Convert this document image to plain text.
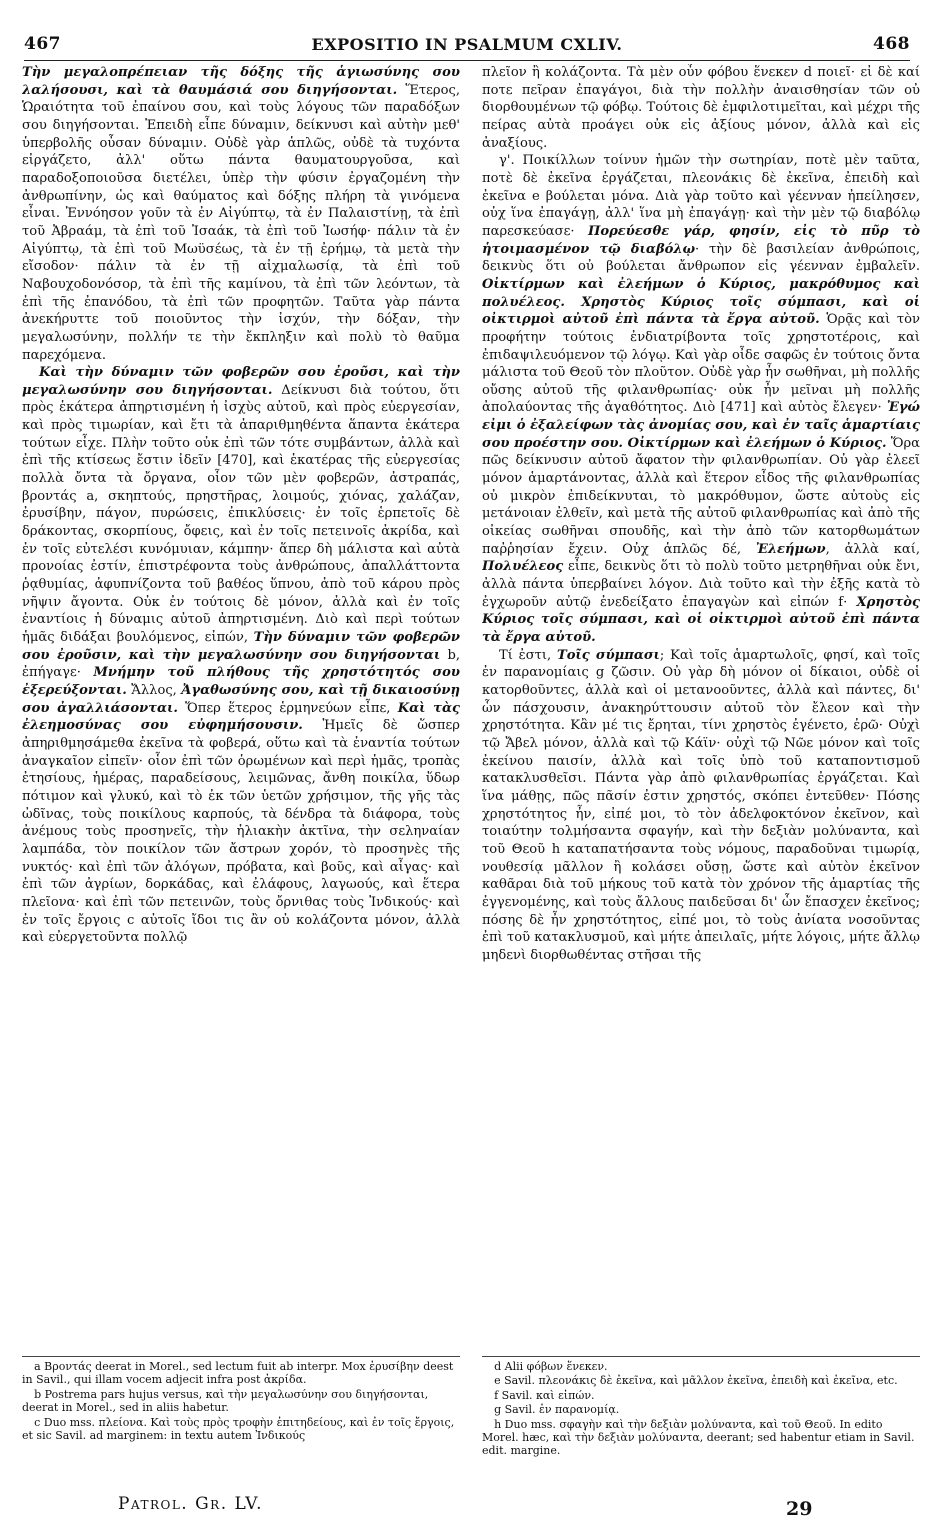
467	EXPOSITIO IN PSALMUM CXLIV.	468

Τὴν μεγαλοπρέπειαν τῆς δόξης τῆς ἁγιωσύνης σου λαλήσουσι, καὶ τὰ θαυμάσιά σου διηγήσονται. Ἕτερος, Ὡραιότητα τοῦ ἐπαίνου σου, καὶ τοὺς λόγους τῶν παραδόξων σου διηγήσονται. Ἐπειδὴ εἶπε δύναμιν, δείκνυσι καὶ αὐτὴν μεθ' ὑπερβολῆς οὖσαν δύναμιν. Οὐδὲ γὰρ ἁπλῶς, οὐδὲ τὰ τυχόντα εἰργάζετο, ἀλλ' οὕτω πάντα θαυματουργοῦσα, καὶ παραδοξοποιοῦσα διετέλει, ὑπὲρ τὴν φύσιν ἐργαζομένη τὴν ἀνθρωπίνην, ὡς καὶ θαύματος καὶ δόξης πλήρη τὰ γινόμενα εἶναι. Ἐννόησον γοῦν τὰ ἐν Αἰγύπτῳ, τὰ ἐν Παλαιστίνῃ, τὰ ἐπὶ τοῦ Ἀβραάμ, τὰ ἐπὶ τοῦ Ἰσαάκ, τὰ ἐπὶ τοῦ Ἰωσήφ· πάλιν τὰ ἐν Αἰγύπτῳ, τὰ ἐπὶ τοῦ Μωϋσέως, τὰ ἐν τῇ ἐρήμῳ, τὰ μετὰ τὴν εἴσοδον· πάλιν τὰ ἐν τῇ αἰχμαλωσίᾳ, τὰ ἐπὶ τοῦ Ναβουχοδονόσορ, τὰ ἐπὶ τῆς καμίνου, τὰ ἐπὶ τῶν λεόντων, τὰ ἐπὶ τῆς ἐπανόδου, τὰ ἐπὶ τῶν προφητῶν. Ταῦτα γὰρ πάντα ἀνεκήρυττε τοῦ ποιοῦντος τὴν ἰσχύν, τὴν δόξαν, τὴν μεγαλωσύνην, πολλήν τε τὴν ἔκπληξιν καὶ πολὺ τὸ θαῦμα παρεχόμενα.

Καὶ τὴν δύναμιν τῶν φοβερῶν σου ἐροῦσι, καὶ τὴν μεγαλωσύνην σου διηγήσονται. Δείκνυσι διὰ τούτου, ὅτι πρὸς ἑκάτερα ἀπηρτισμένη ἡ ἰσχὺς αὐτοῦ, καὶ πρὸς εὐεργεσίαν, καὶ πρὸς τιμωρίαν, καὶ ἔτι τὰ ἀπαριθμηθέντα ἅπαντα ἑκάτερα τούτων εἶχε. Πλὴν τοῦτο οὐκ ἐπὶ τῶν τότε συμβάντων, ἀλλὰ καὶ ἐπὶ τῆς κτίσεως ἔστιν ἰδεῖν [470], καὶ ἑκατέρας τῆς εὐεργεσίας πολλὰ ὄντα τὰ ὄργανα, οἷον τῶν μὲν φοβερῶν, ἀστραπάς, βροντάς a, σκηπτούς, πρηστῆρας, λοιμούς, χιόνας, χαλάζαν, ἐρυσίβην, πάγον, πυρώσεις, ἐπικλύσεις· ἐν τοῖς ἑρπετοῖς δὲ δράκοντας, σκορπίους, ὄφεις, καὶ ἐν τοῖς πετεινοῖς ἀκρίδα, καὶ ἐν τοῖς εὐτελέσι κυνόμυιαν, κάμπην· ἅπερ δὴ μάλιστα καὶ αὐτὰ προνοίας ἐστίν, ἐπιστρέφοντα τοὺς ἀνθρώπους, ἀπαλλάττοντα ῥᾳθυμίας, ἀφυπνίζοντα τοῦ βαθέος ὕπνου, ἀπὸ τοῦ κάρου πρὸς νῆψιν ἄγοντα. Οὐκ ἐν τούτοις δὲ μόνον, ἀλλὰ καὶ ἐν τοῖς ἐναντίοις ἡ δύναμις αὐτοῦ ἀπηρτισμένη. Διὸ καὶ περὶ τούτων ἡμᾶς διδάξαι βουλόμενος, εἰπών, Τὴν δύναμιν τῶν φοβερῶν σου ἐροῦσιν, καὶ τὴν μεγαλωσύνην σου διηγήσονται b, ἐπήγαγε· Μνήμην τοῦ πλήθους τῆς χρηστότητός σου ἐξερεύξονται. Ἄλλος, Ἀγαθωσύνης σου, καὶ τῇ δικαιοσύνῃ σου ἀγαλλιάσονται. Ὅπερ ἕτερος ἑρμηνεύων εἶπε, Καὶ τὰς ἐλεημοσύνας σου εὐφημήσουσιν. Ἡμεῖς δὲ ὥσπερ ἀπηριθμησάμεθα ἐκεῖνα τὰ φοβερά, οὕτω καὶ τὰ ἐναντία τούτων ἀναγκαῖον εἰπεῖν· οἷον ἐπὶ τῶν ὁρωμένων καὶ περὶ ἡμᾶς, τροπὰς ἐτησίους, ἡμέρας, παραδείσους, λειμῶνας, ἄνθη ποικίλα, ὕδωρ πότιμον καὶ γλυκύ, καὶ τὸ ἐκ τῶν ὑετῶν χρήσιμον, τῆς γῆς τὰς ὠδῖνας, τοὺς ποικίλους καρπούς, τὰ δένδρα τὰ διάφορα, τοὺς ἀνέμους τοὺς προσηνεῖς, τὴν ἡλιακὴν ἀκτῖνα, τὴν σεληναίαν λαμπάδα, τὸν ποικίλον τῶν ἄστρων χορόν, τὸ προσηνὲς τῆς νυκτός· καὶ ἐπὶ τῶν ἀλόγων, πρόβατα, καὶ βοῦς, καὶ αἶγας· καὶ ἐπὶ τῶν ἀγρίων, δορκάδας, καὶ ἐλάφους, λαγωούς, καὶ ἕτερα πλεῖονα· καὶ ἐπὶ τῶν πετεινῶν, τοὺς ὄρνιθας τοὺς Ἰνδικούς· καὶ ἐν τοῖς ἔργοις c αὐτοῖς ἴδοι τις ἂν οὐ κολάζοντα μόνον, ἀλλὰ καὶ εὐεργετοῦντα πολλῷ

πλεῖον ἢ κολάζοντα. Τὰ μὲν οὖν φόβου ἕνεκεν d ποιεῖ· εἰ δὲ καί ποτε πεῖραν ἐπαγάγοι, διὰ τὴν πολλὴν ἀναισθησίαν τῶν οὐ διορθουμένων τῷ φόβῳ. Τούτοις δὲ ἐμφιλοτιμεῖται, καὶ μέχρι τῆς πείρας αὐτὰ προάγει οὐκ εἰς ἀξίους μόνον, ἀλλὰ καὶ εἰς ἀναξίους.

γ'. Ποικίλλων τοίνυν ἡμῶν τὴν σωτηρίαν, ποτὲ μὲν ταῦτα, ποτὲ δὲ ἐκεῖνα ἐργάζεται, πλεονάκις δὲ ἐκεῖνα, ἐπειδὴ καὶ ἐκεῖνα e βούλεται μόνα. Διὰ γὰρ τοῦτο καὶ γέενναν ἠπείλησεν, οὐχ ἵνα ἐπαγάγῃ, ἀλλ' ἵνα μὴ ἐπαγάγῃ· καὶ τὴν μὲν τῷ διαβόλῳ παρεσκεύασε· Πορεύεσθε γάρ, φησίν, εἰς τὸ πῦρ τὸ ἡτοιμασμένον τῷ διαβόλῳ· τὴν δὲ βασιλείαν ἀνθρώποις, δεικνὺς ὅτι οὐ βούλεται ἄνθρωπον εἰς γέενναν ἐμβαλεῖν. Οἰκτίρμων καὶ ἐλεήμων ὁ Κύριος, μακρόθυμος καὶ πολυέλεος. Χρηστὸς Κύριος τοῖς σύμπασι, καὶ οἱ οἰκτιρμοὶ αὐτοῦ ἐπὶ πάντα τὰ ἔργα αὐτοῦ. Ὁρᾷς καὶ τὸν προφήτην τούτοις ἐνδιατρίβοντα τοῖς χρηστοτέροις, καὶ ἐπιδαψιλευόμενον τῷ λόγῳ. Καὶ γὰρ οἶδε σαφῶς ἐν τούτοις ὄντα μάλιστα τοῦ Θεοῦ τὸν πλοῦτον. Οὐδὲ γὰρ ἦν σωθῆναι, μὴ πολλῆς οὔσης αὐτοῦ τῆς φιλανθρωπίας· οὐκ ἦν μεῖναι μὴ πολλῆς ἀπολαύοντας τῆς ἀγαθότητος. Διὸ [471] καὶ αὐτὸς ἔλεγεν· Ἐγώ εἰμι ὁ ἐξαλείφων τὰς ἀνομίας σου, καὶ ἐν ταῖς ἁμαρτίαις σου προέστην σου. Οἰκτίρμων καὶ ἐλεήμων ὁ Κύριος. Ὅρα πῶς δείκνυσιν αὐτοῦ ἄφατον τὴν φιλανθρωπίαν. Οὐ γὰρ ἐλεεῖ μόνον ἁμαρτάνοντας, ἀλλὰ καὶ ἕτερον εἶδος τῆς φιλανθρωπίας οὐ μικρὸν ἐπιδείκνυται, τὸ μακρόθυμον, ὥστε αὐτοὺς εἰς μετάνοιαν ἐλθεῖν, καὶ μετὰ τῆς αὐτοῦ φιλανθρωπίας καὶ ἀπὸ τῆς οἰκείας σωθῆναι σπουδῆς, καὶ τὴν ἀπὸ τῶν κατορθωμάτων παῤῥησίαν ἔχειν. Οὐχ ἁπλῶς δέ, Ἐλεήμων, ἀλλὰ καί, Πολυέλεος εἶπε, δεικνὺς ὅτι τὸ πολὺ τοῦτο μετρηθῆναι οὐκ ἔνι, ἀλλὰ πάντα ὑπερβαίνει λόγον. Διὰ τοῦτο καὶ τὴν ἐξῆς κατὰ τὸ ἐγχωροῦν αὐτῷ ἐνεδείξατο ἐπαγαγὼν καὶ εἰπών f· Χρηστὸς Κύριος τοῖς σύμπασι, καὶ οἱ οἰκτιρμοὶ αὐτοῦ ἐπὶ πάντα τὰ ἔργα αὐτοῦ.

Τί ἐστι, Τοῖς σύμπασι; Καὶ τοῖς ἁμαρτωλοῖς, φησί, καὶ τοῖς ἐν παρανομίαις g ζῶσιν. Οὐ γὰρ δὴ μόνον οἱ δίκαιοι, οὐδὲ οἱ κατορθοῦντες, ἀλλὰ καὶ οἱ μετανοοῦντες, ἀλλὰ καὶ πάντες, δι' ὧν πάσχουσιν, ἀνακηρύττουσιν αὐτοῦ τὸν ἔλεον καὶ τὴν χρηστότητα. Κἂν μέ τις ἔρηται, τίνι χρηστὸς ἐγένετο, ἐρῶ· Οὐχὶ τῷ Ἄβελ μόνον, ἀλλὰ καὶ τῷ Κάϊν· οὐχὶ τῷ Νῶε μόνον καὶ τοῖς ἐκείνου παισίν, ἀλλὰ καὶ τοῖς ὑπὸ τοῦ καταποντισμοῦ κατακλυσθεῖσι. Πάντα γὰρ ἀπὸ φιλανθρωπίας ἐργάζεται. Καὶ ἵνα μάθῃς, πῶς πᾶσίν ἐστιν χρηστός, σκόπει ἐντεῦθεν· Πόσης χρηστότητος ἦν, εἰπέ μοι, τὸ τὸν ἀδελφοκτόνον ἐκεῖνον, καὶ τοιαύτην τολμήσαντα σφαγήν, καὶ τὴν δεξιὰν μολύναντα, καὶ τοῦ Θεοῦ h καταπατήσαντα τοὺς νόμους, παραδοῦναι τιμωρίᾳ, νουθεσίᾳ μᾶλλον ἢ κολάσει οὔσῃ, ὥστε καὶ αὐτὸν ἐκεῖνον καθᾶραι διὰ τοῦ μήκους τοῦ κατὰ τὸν χρόνον τῆς ἁμαρτίας τῆς ἐγγενομένης, καὶ τοὺς ἄλλους παιδεῦσαι δι' ὧν ἔπασχεν ἐκεῖνος; πόσης δὲ ἦν χρηστότητος, εἰπέ μοι, τὸ τοὺς ἀνίατα νοσοῦντας ἐπὶ τοῦ κατακλυσμοῦ, καὶ μήτε ἀπειλαῖς, μήτε λόγοις, μήτε ἄλλῳ μηδενὶ διορθωθέντας στῆσαι τῆς

a Βροντάς deerat in Morel., sed lectum fuit ab interpr. Mox ἐρυσίβην deest in Savil., qui illam vocem adjecit infra post ἀκρίδα.

b Postrema pars hujus versus, καὶ τὴν μεγαλωσύνην σου διηγήσονται, deerat in Morel., sed in aliis habetur.

c Duo mss. πλείονα. Καὶ τοὺς πρὸς τροφὴν ἐπιτηδείους, καὶ ἐν τοῖς ἔργοις, et sic Savil. ad marginem: in textu autem Ἰνδικούς

d Alii φόβων ἕνεκεν.

e Savil. πλεονάκις δὲ ἐκεῖνα, καὶ μᾶλλον ἐκεῖνα, ἐπειδὴ καὶ ἐκεῖνα, etc.

f Savil. καὶ εἰπών.

g Savil. ἐν παρανομίᾳ.

h Duo mss. σφαγὴν καὶ τὴν δεξιὰν μολύναντα, καὶ τοῦ Θεοῦ. In edito Morel. hæc, καὶ τὴν δεξιὰν μολύναντα, deerant; sed habentur etiam in Savil. edit. margine.

Patrol. Gr. LV.	29
